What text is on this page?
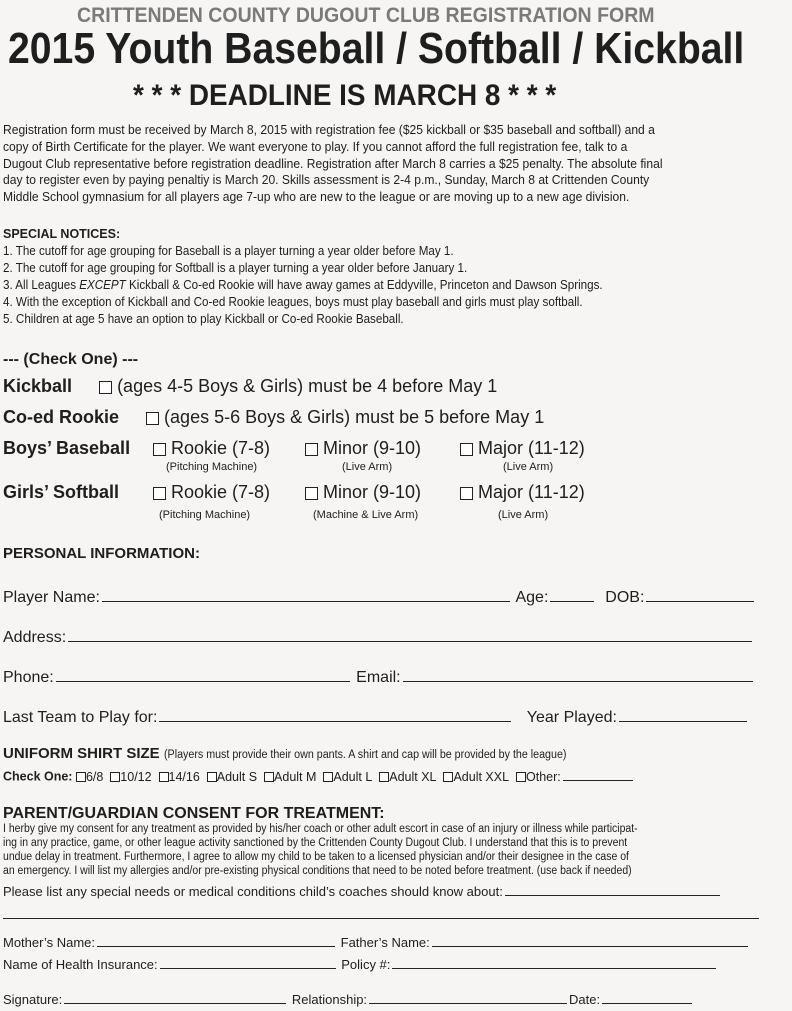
CRITTENDEN COUNTY DUGOUT CLUB REGISTRATION FORM
2015 Youth Baseball / Softball / Kickball
* * * DEADLINE IS MARCH 8 * * *
Registration form must be received by March 8, 2015 with registration fee ($25 kickball or $35 baseball and softball) and a
copy of Birth Certificate for the player. We want everyone to play. If you cannot afford the full registration fee, talk to a
Dugout Club representative before registration deadline. Registration after March 8 carries a $25 penalty. The absolute final
day to register even by paying penaltiy is March 20. Skills assessment is 2-4 p.m., Sunday, March 8 at Crittenden County
Middle School gymnasium for all players age 7-up who are new to the league or are moving up to a new age division.
SPECIAL NOTICES:
1. The cutoff for age grouping for Baseball is a player turning a year older before May 1.
2. The cutoff for age grouping for Softball is a player turning a year older before January 1.
3. All Leagues EXCEPT Kickball & Co-ed Rookie will have away games at Eddyville, Princeton and Dawson Springs.
4. With the exception of Kickball and Co-ed Rookie leagues, boys must play baseball and girls must play softball.
5. Children at age 5 have an option to play Kickball or Co-ed Rookie Baseball.
--- (Check One) ---
Kickball	(ages 4-5 Boys & Girls) must be 4 before May 1
Co-ed Rookie	(ages 5-6 Boys & Girls) must be 5 before May 1
Boys’ Baseball	Rookie (7-8)	Minor (9-10)	Major (11-12)
(Pitching Machine)	(Live Arm)	(Live Arm)
Girls’ Softball	Rookie (7-8)	Minor (9-10)	Major (11-12)
(Pitching Machine)	(Machine & Live Arm)	(Live Arm)
PERSONAL INFORMATION:
Player Name:	Age:	DOB:
Address:
Phone:	Email:
Last Team to Play for:	Year Played:
UNIFORM SHIRT SIZE (Players must provide their own pants. A shirt and cap will be provided by the league)
Check One: 6/8 10/12 14/16 Adult S Adult M Adult L Adult XL Adult XXL Other:
PARENT/GUARDIAN CONSENT FOR TREATMENT:
I herby give my consent for any treatment as provided by his/her coach or other adult escort in case of an injury or illness while participat-
ing in any practice, game, or other league activity sanctioned by the Crittenden County Dugout Club. I understand that this is to prevent
undue delay in treatment. Furthermore, I agree to allow my child to be taken to a licensed physician and/or their designee in the case of
an emergency. I will list my allergies and/or pre-existing physical conditions that need to be noted before treatment. (use back if needed)
Please list any special needs or medical conditions child’s coaches should know about:
Mother’s Name:	Father’s Name:
Name of Health Insurance:	Policy #:
Signature:	Relationship:	Date:
